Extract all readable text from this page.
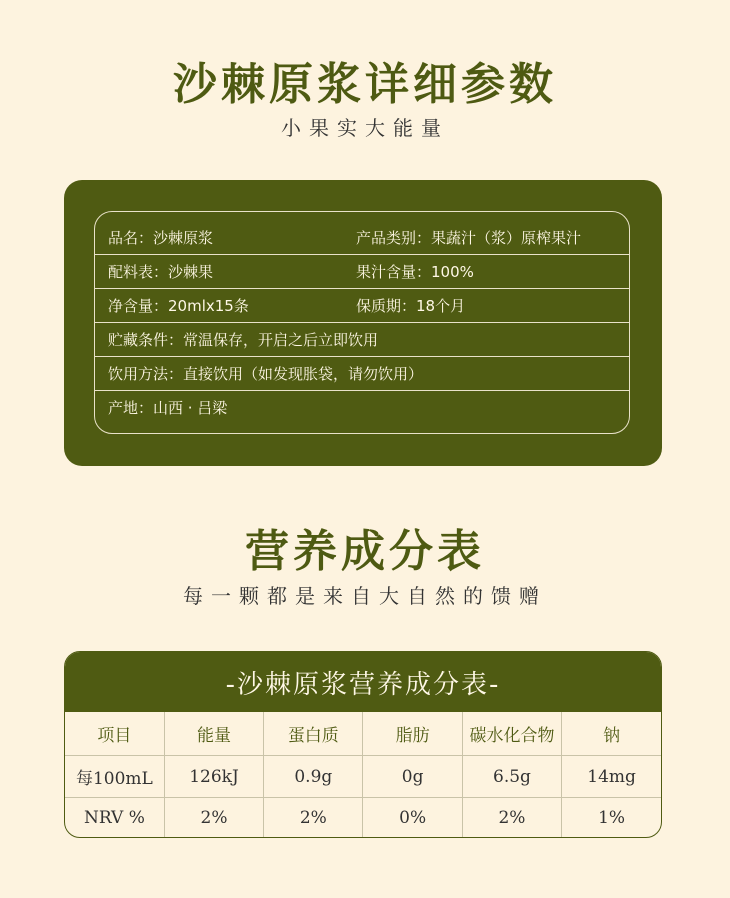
沙棘原浆详细参数
小果实大能量
品名：沙棘原浆	产品类别：果蔬汁（浆）原榨果汁
配料表：沙棘果	果汁含量：100%
净含量：20mlx15条	保质期：18个月
贮藏条件：常温保存，开启之后立即饮用
饮用方法：直接饮用（如发现胀袋，请勿饮用）
产地：山西 · 吕梁
营养成分表
每一颗都是来自大自然的馈赠
-沙棘原浆营养成分表-
项目	能量	蛋白质	脂肪	碳水化合物	钠
每100mL	126kJ	0.9g	0g	6.5g	14mg
NRV %	2%	2%	0%	2%	1%
